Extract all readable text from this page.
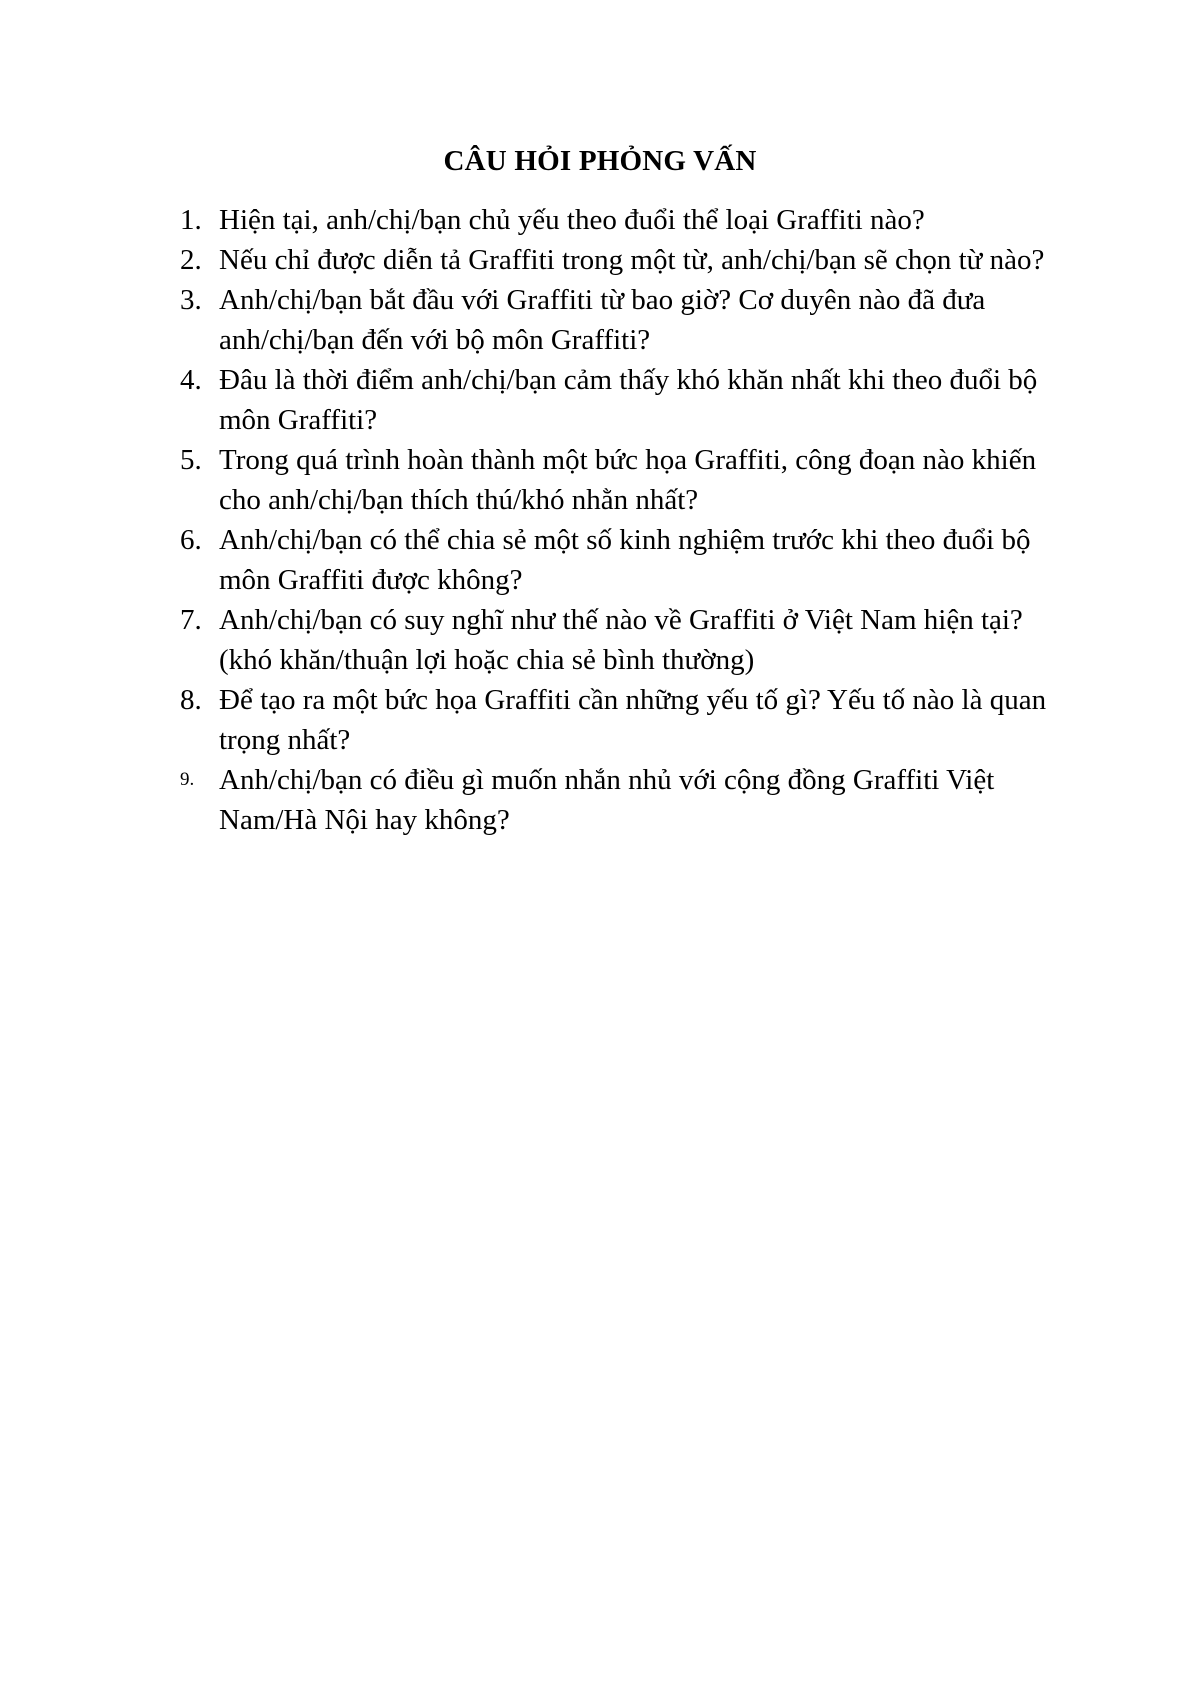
CÂU HỎI PHỎNG VẤN
1. Hiện tại, anh/chị/bạn chủ yếu theo đuổi thể loại Graffiti nào?
2. Nếu chỉ được diễn tả Graffiti trong một từ, anh/chị/bạn sẽ chọn từ nào?
3. Anh/chị/bạn bắt đầu với Graffiti từ bao giờ? Cơ duyên nào đã đưa anh/chị/bạn đến với bộ môn Graffiti?
4. Đâu là thời điểm anh/chị/bạn cảm thấy khó khăn nhất khi theo đuổi bộ môn Graffiti?
5. Trong quá trình hoàn thành một bức họa Graffiti, công đoạn nào khiến cho anh/chị/bạn thích thú/khó nhằn nhất?
6. Anh/chị/bạn có thể chia sẻ một số kinh nghiệm trước khi theo đuổi bộ môn Graffiti được không?
7. Anh/chị/bạn có suy nghĩ như thế nào về Graffiti ở Việt Nam hiện tại? (khó khăn/thuận lợi hoặc chia sẻ bình thường)
8. Để tạo ra một bức họa Graffiti cần những yếu tố gì? Yếu tố nào là quan trọng nhất?
9. Anh/chị/bạn có điều gì muốn nhắn nhủ với cộng đồng Graffiti Việt Nam/Hà Nội hay không?
